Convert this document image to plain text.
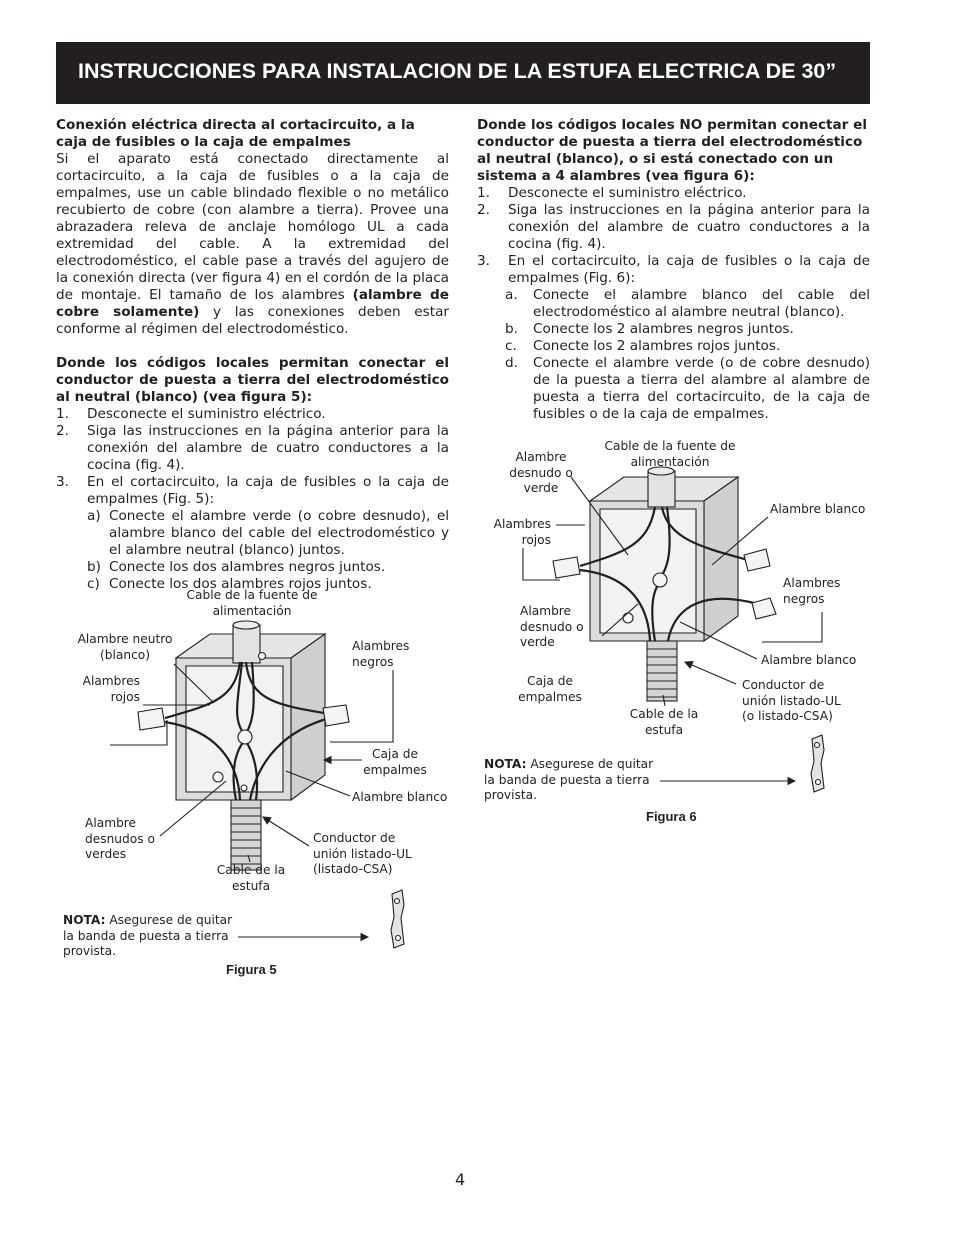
INSTRUCCIONES PARA INSTALACION DE LA ESTUFA ELECTRICA DE 30”

Conexión eléctrica directa al cortacircuito, a la caja de fusibles o la caja de empalmes

Si el aparato está conectado directamente al cortacircuito, a la caja de fusibles o a la caja de empalmes, use un cable blindado flexible o no metálico recubierto de cobre (con alambre a tierra). Provee una abrazadera releva de anclaje homólogo UL a cada extremidad del cable. A la extremidad del electrodoméstico, el cable pase a través del agujero de la conexión directa (ver figura 4) en el cordón de la placa de montaje. El tamaño de los alambres (alambre de cobre solamente) y las conexiones deben estar conforme al régimen del electrodoméstico.

Donde los códigos locales permitan conectar el conductor de puesta a tierra del electrodoméstico al neutral (blanco) (vea figura 5):

1. Desconecte el suministro eléctrico.
2. Siga las instrucciones en la página anterior para la conexión del alambre de cuatro conductores a la cocina (fig. 4).
3. En el cortacircuito, la caja de fusibles o la caja de empalmes (Fig. 5):
a) Conecte el alambre verde (o cobre desnudo), el alambre blanco del cable del electrodoméstico y el alambre neutral (blanco) juntos.
b) Conecte los dos alambres negros juntos.
c) Conecte los dos alambres rojos juntos.

Donde los códigos locales NO permitan conectar el conductor de puesta a tierra del electrodoméstico al neutral (blanco), o si está conectado con un sistema a 4 alambres (vea figura 6):

1. Desconecte el suministro eléctrico.
2. Siga las instrucciones en la página anterior para la conexión del alambre de cuatro conductores a la cocina (fig. 4).
3. En el cortacircuito, la caja de fusibles o la caja de empalmes (Fig. 6):
a. Conecte el alambre blanco del cable del electrodoméstico al alambre neutral (blanco).
b. Conecte los 2 alambres negros juntos.
c. Conecte los 2 alambres rojos juntos.
d. Conecte el alambre verde (o de cobre desnudo) de la puesta a tierra del alambre al alambre de puesta a tierra del cortacircuito, de la caja de fusibles o de la caja de empalmes.
Cable de la fuente de alimentación
Alambre neutro (blanco)
Alambres rojos
Alambres negros
Caja de empalmes
Alambre blanco
Alambre desnudos o verdes
Conductor de unión listado-UL (listado-CSA)
Cable de la estufa
NOTA: Asegurese de quitar la banda de puesta a tierra provista.
Figura 5
Cable de la fuente de alimentación
Alambre desnudo o verde
Alambres rojos
Alambre blanco
Alambres negros
Alambre desnudo o verde
Alambre blanco
Caja de empalmes
Conductor de unión listado-UL (o listado-CSA)
Cable de la estufa
NOTA: Asegurese de quitar la banda de puesta a tierra provista.
Figura 6
4
